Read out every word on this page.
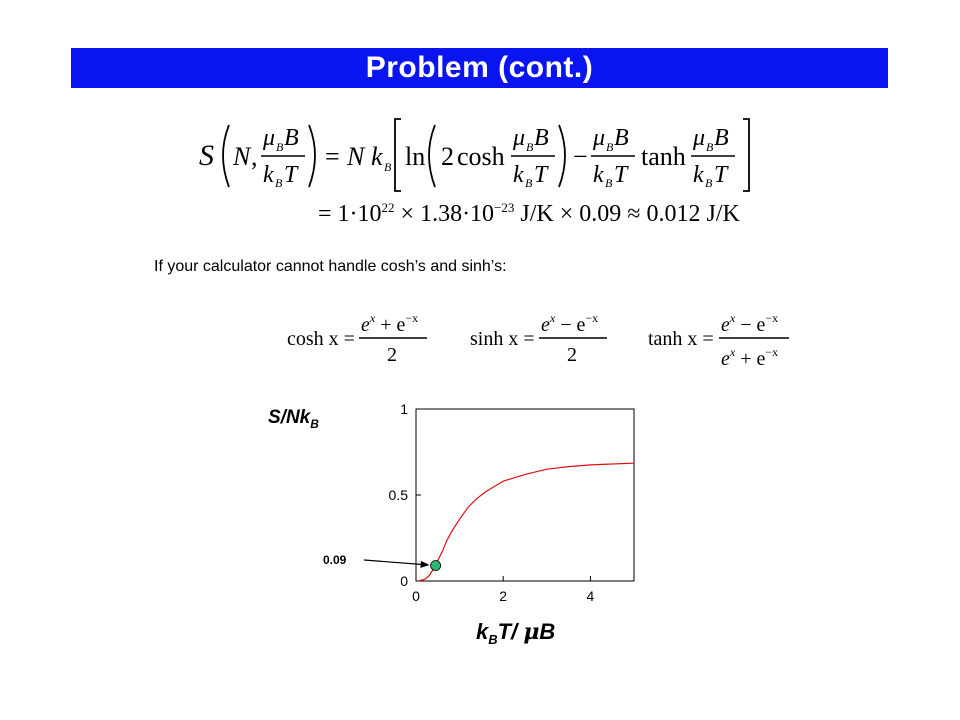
Problem (cont.)
S N ,
μ B B
k B T
= N k B ln 2 cosh
μ B B
k B T
−
μ B B
k B T
tanh
μ B B
k B T
= $1\cdot 10^{22} \times 1.38\cdot 10^{-23}$ J/K × 0.09 ≈ 0.012 J/K
If your calculator cannot handle cosh’s and sinh’s:
cosh x =
$e^x + e^{-x}$
2
sinh x =
$e^x - e^{-x}$
2
tanh x =
$e^x - e^{-x}$
$e^x + e^{-x}$
$S/Nk_B$
0
0.5
1
0	2	4
0.09
$k_BT/$ μB
